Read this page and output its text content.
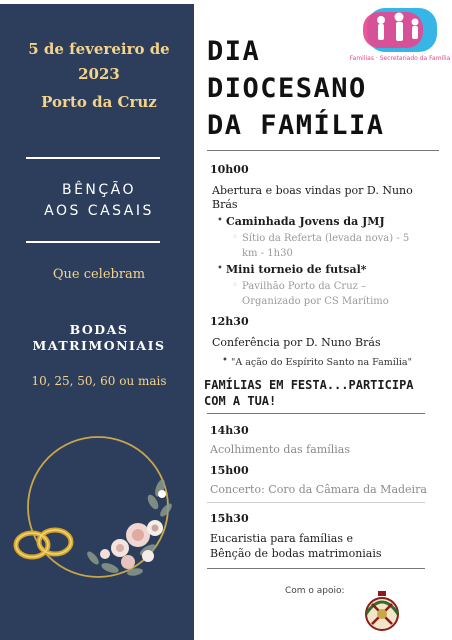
5 de fevereiro de
2023
Porto da Cruz
BÊNÇÃO
AOS CASAIS
Que celebram
BODAS
MATRIMONIAIS
10, 25, 50, 60 ou mais
Familias · Secretariado da Família
DIA
DIOCESANO
DA FAMÍLIA
10h00
Abertura e boas vindas por D. Nuno
Brás
• Caminhada Jovens da JMJ
◦ Sítio da Referta (levada nova) - 5
km - 1h30
• Mini torneio de futsal*
◦ Pavilhão Porto da Cruz –
Organizado por CS Marítimo
12h30
Conferência por D. Nuno Brás
• "A ação do Espírito Santo na Família"
FAMÍLIAS EM FESTA...PARTICIPA
COM A TUA!
14h30
Acolhimento das famílias
15h00
Concerto: Coro da Câmara da Madeira
15h30
Eucaristia para famílias e
Bênção de bodas matrimoniais
Com o apoio:
